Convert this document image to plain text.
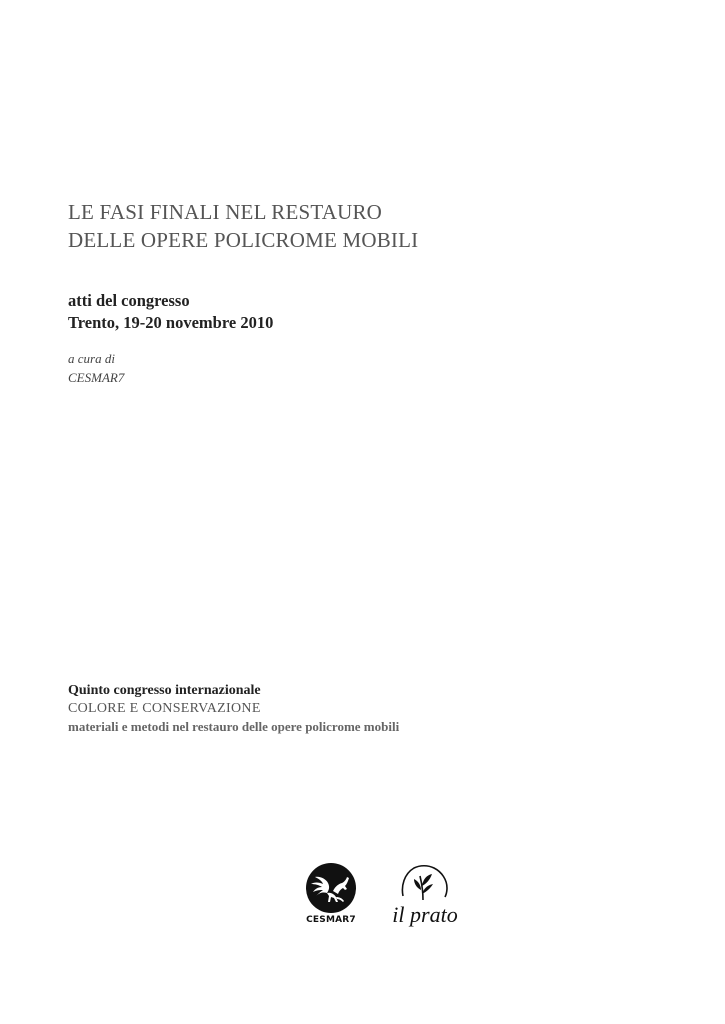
LE FASI FINALI NEL RESTAURO
DELLE OPERE POLICROME MOBILI
atti del congresso
Trento, 19-20 novembre 2010
a cura di
CESMAR7
Quinto congresso internazionale
COLORE E CONSERVAZIONE
materiali e metodi nel restauro delle opere policrome mobili
CESMAR7 il prato
